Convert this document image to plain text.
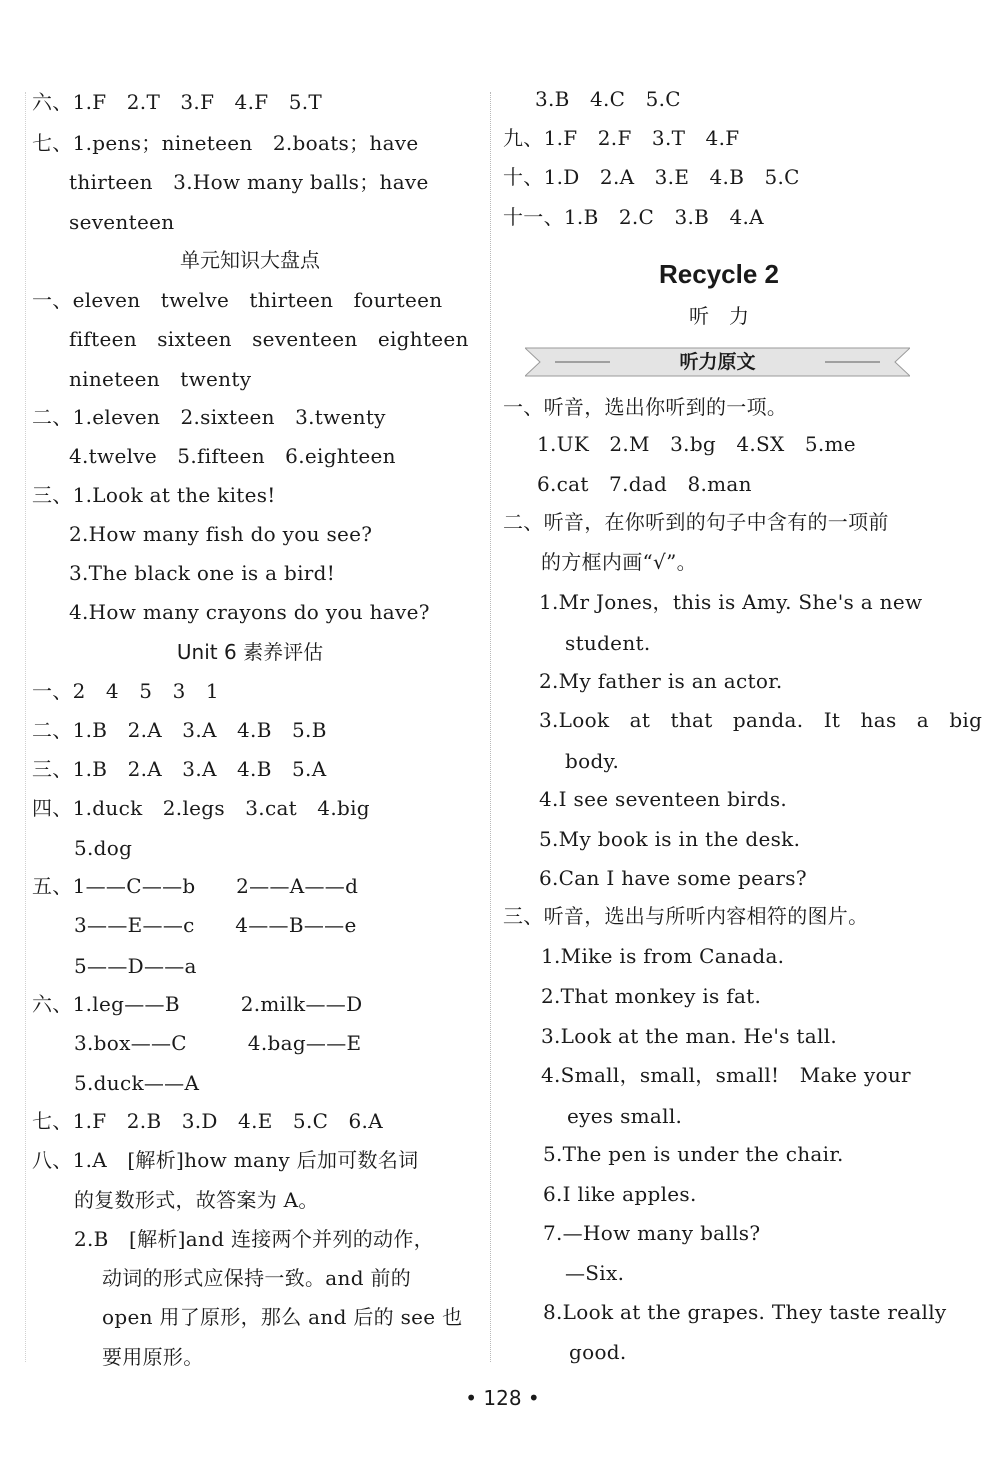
六、1.F　2.T　3.F　4.F　5.T
七、1.pens；nineteen　2.boats；have
thirteen　3.How many balls；have
seventeen
单元知识大盘点
一、eleven　twelve　thirteen　fourteen
fifteen　sixteen　seventeen　eighteen
nineteen　twenty
二、1.eleven　2.sixteen　3.twenty
4.twelve　5.fifteen　6.eighteen
三、1.Look at the kites!
2.How many fish do you see?
3.The black one is a bird!
4.How many crayons do you have?
Unit 6 素养评估
一、2　4　5　3　1
二、1.B　2.A　3.A　4.B　5.B
三、1.B　2.A　3.A　4.B　5.A
四、1.duck　2.legs　3.cat　4.big
5.dog
五、1——C——b　　2——A——d
3——E——c　　4——B——e
5——D——a
六、1.leg——B　　　2.milk——D
3.box——C　　　4.bag——E
5.duck——A
七、1.F　2.B　3.D　4.E　5.C　6.A
八、1.A　[解析]how many 后加可数名词
的复数形式，故答案为 A。
2.B　[解析]and 连接两个并列的动作，
动词的形式应保持一致。and 前的
open 用了原形，那么 and 后的 see 也
要用原形。
3.B　4.C　5.C
九、1.F　2.F　3.T　4.F
十、1.D　2.A　3.E　4.B　5.C
十一、1.B　2.C　3.B　4.A
Recycle 2
听　力
一、听音，选出你听到的一项。
1.UK　2.M　3.bg　4.SX　5.me
6.cat　7.dad　8.man
二、听音，在你听到的句子中含有的一项前
的方框内画“√”。
1.Mr Jones，this is Amy. She's a new
student.
2.My father is an actor.
3.Look　at　that　panda.　It　has　a　big
body.
4.I see seventeen birds.
5.My book is in the desk.
6.Can I have some pears?
三、听音，选出与所听内容相符的图片。
1.Mike is from Canada.
2.That monkey is fat.
3.Look at the man. He's tall.
4.Small，small，small!　Make your
eyes small.
5.The pen is under the chair.
6.I like apples.
7.—How many balls?
—Six.
8.Look at the grapes. They taste really
good.
听力原文
• 128 •
